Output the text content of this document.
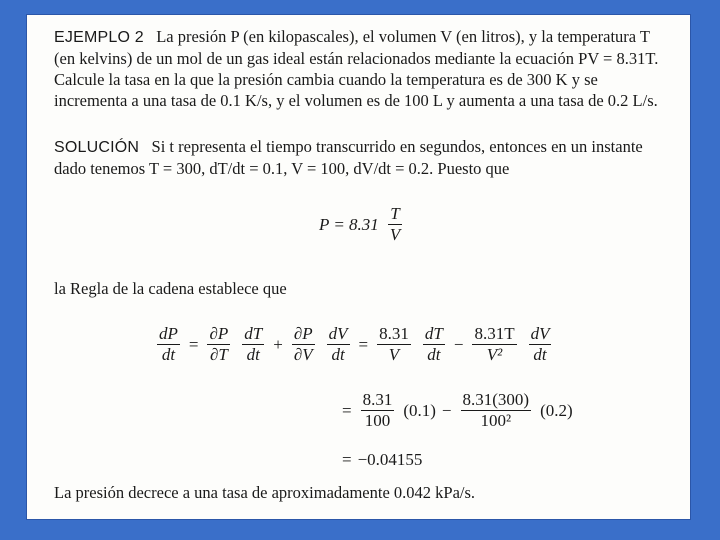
EJEMPLO 2 La presión P (en kilopascales), el volumen V (en litros), y la temperatura T (en kelvins) de un mol de un gas ideal están relacionados mediante la ecuación PV = 8.31T. Calcule la tasa en la que la presión cambia cuando la temperatura es de 300 K y se incrementa a una tasa de 0.1 K/s, y el volumen es de 100 L y aumenta a una tasa de 0.2 L/s.
SOLUCIÓN Si t representa el tiempo transcurrido en segundos, entonces en un instante dado tenemos T = 300, dT/dt = 0.1, V = 100, dV/dt = 0.2. Puesto que
$P = 8.31 \frac{T}{V}$
la Regla de la cadena establece que
$\frac{dP}{dt} = \frac{\partial P}{\partial T} \frac{dT}{dt} + \frac{\partial P}{\partial V} \frac{dV}{dt} = \frac{8.31}{V} \frac{dT}{dt} - \frac{8.31T}{\text{V²}} \frac{dV}{dt}$
= $\frac{8.31}{100} (0.1) - \frac{8.31(300)}{\text{100²}} (0.2)$
= −0.04155
La presión decrece a una tasa de aproximadamente 0.042 kPa/s.
